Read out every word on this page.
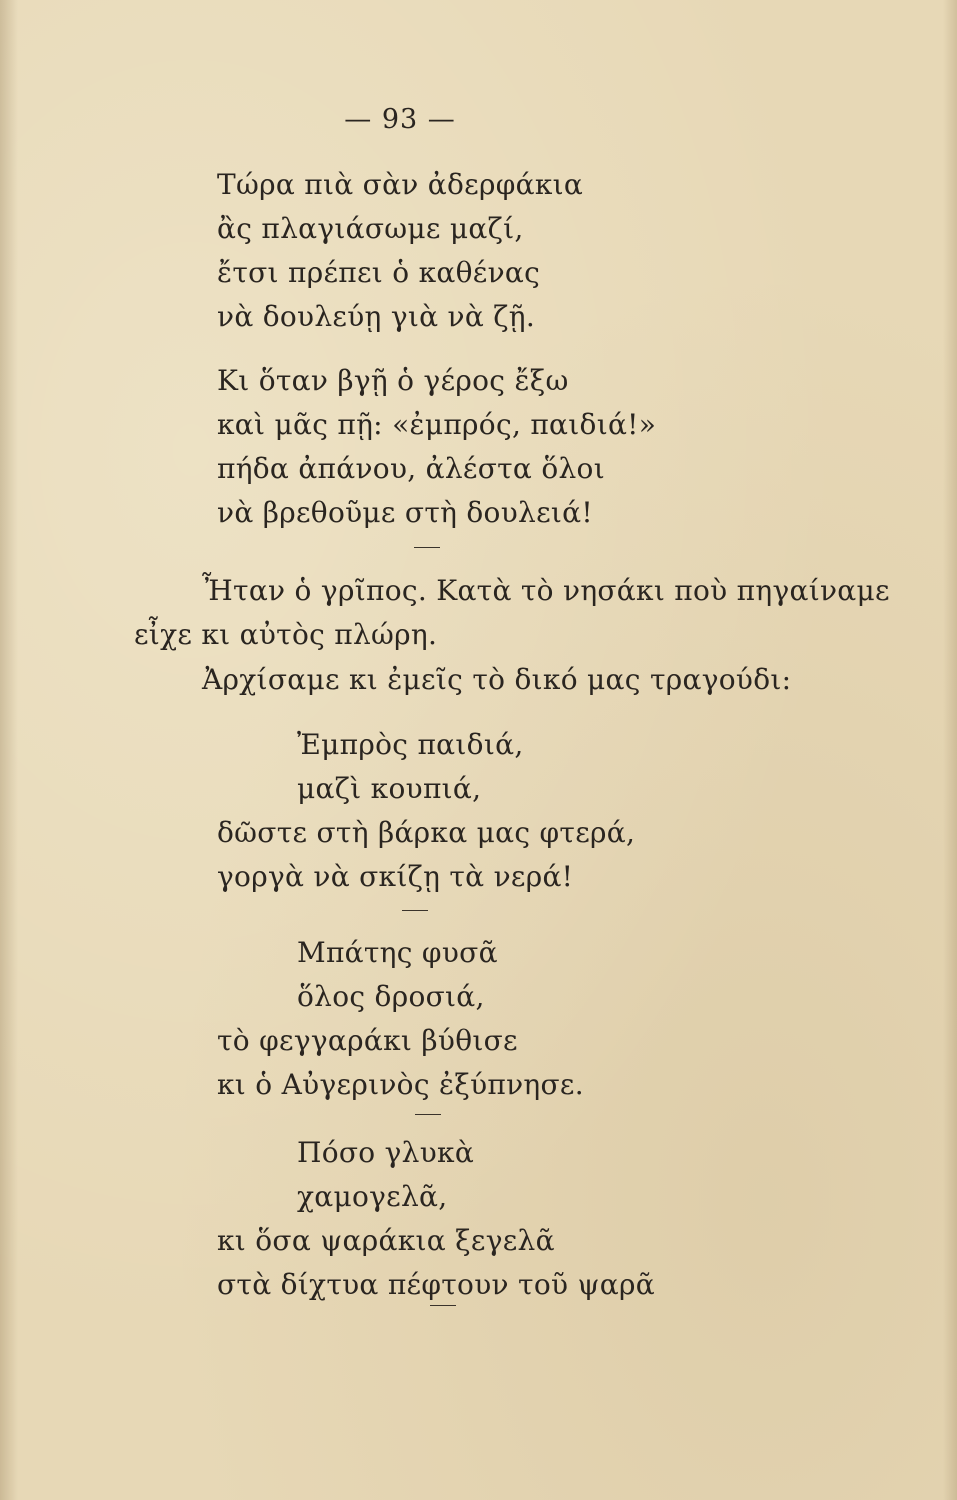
— 93 —
Τώρα πιὰ σὰν ἀδερφάκια
ἂς πλαγιάσωμε μαζί,
ἔτσι πρέπει ὁ καθένας
νὰ δουλεύῃ γιὰ νὰ ζῇ.
Κι ὅταν βγῇ ὁ γέρος ἔξω
καὶ μᾶς πῇ: «ἐμπρός, παιδιά!»
πήδα ἀπάνου, ἀλέστα ὅλοι
νὰ βρεθοῦμε στὴ δουλειά!
Ἦταν ὁ γρῖπος. Κατὰ τὸ νησάκι ποὺ πηγαίναμε
εἶχε κι αὐτὸς πλώρη.
Ἀρχίσαμε κι ἐμεῖς τὸ δικό μας τραγούδι:
Ἐμπρὸς παιδιά,
μαζὶ κουπιά,
δῶστε στὴ βάρκα μας φτερά,
γοργὰ νὰ σκίζῃ τὰ νερά!
Μπάτης φυσᾶ
ὅλος δροσιά,
τὸ φεγγαράκι βύθισε
κι ὁ Αὐγερινὸς ἐξύπνησε.
Πόσο γλυκὰ
χαμογελᾶ,
κι ὅσα ψαράκια ξεγελᾶ
στὰ δίχτυα πέφτουν τοῦ ψαρᾶ
